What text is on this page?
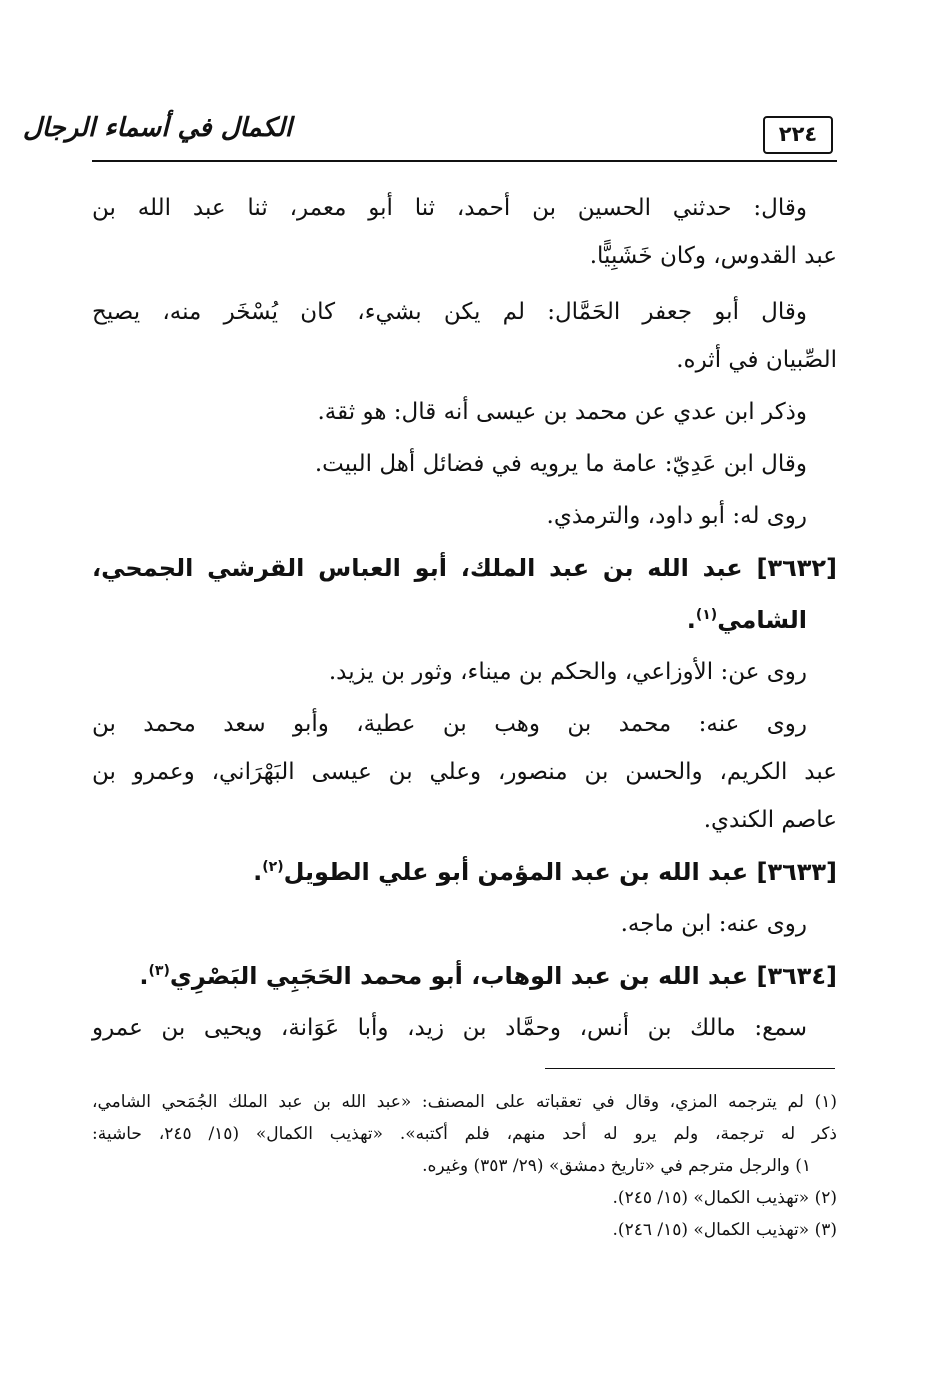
الكمال في أسماء الرجال	٢٢٤
وقال: حدثني الحسين بن أحمد، ثنا أبو معمر، ثنا عبد الله بن
عبد القدوس، وكان خَشَبِيًّا.
وقال أبو جعفر الحَمَّال: لم يكن بشيء، كان يُسْخَر منه، يصيح
الصِّبيان في أثره.
وذكر ابن عدي عن محمد بن عيسى أنه قال: هو ثقة.
وقال ابن عَدِيّ: عامة ما يرويه في فضائل أهل البيت.
روى له: أبو داود، والترمذي.
[٣٦٣٢] عبد الله بن عبد الملك، أبو العباس القرشي الجمحي،
الشامي$^{(١)}$.
روى عن: الأوزاعي، والحكم بن ميناء، وثور بن يزيد.
روى عنه: محمد بن وهب بن عطية، وأبو سعد محمد بن
عبد الكريم، والحسن بن منصور، وعلي بن عيسى البَهْرَاني، وعمرو بن
عاصم الكندي.
[٣٦٣٣] عبد الله بن عبد المؤمن أبو علي الطويل$^{(٢)}$.
روى عنه: ابن ماجه.
[٣٦٣٤] عبد الله بن عبد الوهاب، أبو محمد الحَجَبِي البَصْرِي$^{(٣)}$.
سمع: مالك بن أنس، وحمَّاد بن زيد، وأبا عَوَانة، ويحيى بن عمرو
(١) لم يترجمه المزي، وقال في تعقباته على المصنف: «عبد الله بن عبد الملك الجُمَحي الشامي،
ذكر له ترجمة، ولم يرو له أحد منهم، فلم أكتبه». «تهذيب الكمال» (١٥/ ٢٤٥، حاشية:
١) والرجل مترجم في «تاريخ دمشق» (٢٩/ ٣٥٣) وغيره.
(٢) «تهذيب الكمال» (١٥/ ٢٤٥).
(٣) «تهذيب الكمال» (١٥/ ٢٤٦).
